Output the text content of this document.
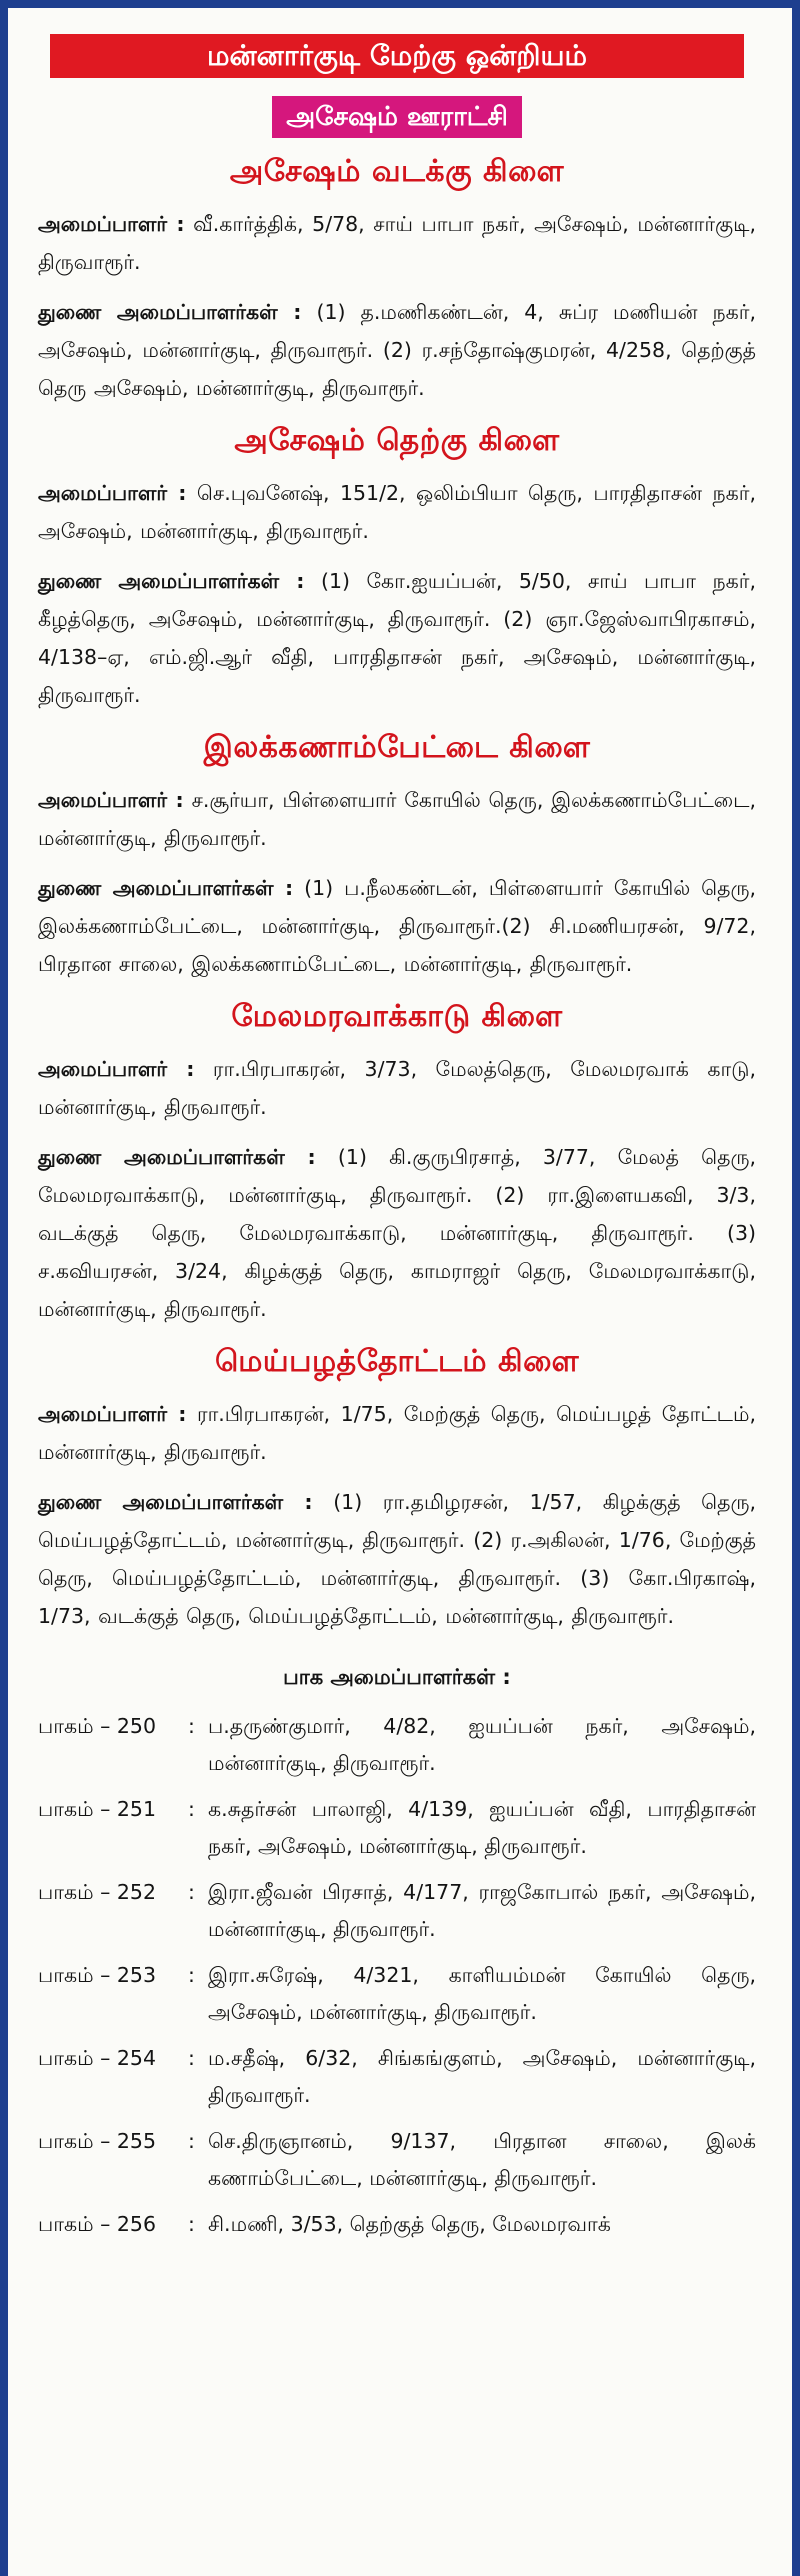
மன்னார்குடி மேற்கு ஒன்றியம்
அசேஷம் ஊராட்சி
அசேஷம் வடக்கு கிளை

அமைப்பாளர் : வீ.கார்த்திக், 5/78, சாய் பாபா நகர், அசேஷம், மன்னார்குடி, திருவாரூர்.

துணை அமைப்பாளர்கள் : (1) த.மணிகண்டன், 4, சுப்ர மணியன் நகர், அசேஷம், மன்னார்குடி, திருவாரூர். (2) ர.சந்தோஷ்குமரன், 4/258, தெற்குத் தெரு அசேஷம், மன்னார்குடி, திருவாரூர்.

அசேஷம் தெற்கு கிளை

அமைப்பாளர் : செ.புவனேஷ், 151/2, ஒலிம்பியா தெரு, பாரதிதாசன் நகர், அசேஷம், மன்னார்குடி, திருவாரூர்.

துணை அமைப்பாளர்கள் : (1) கோ.ஐயப்பன், 5/50, சாய் பாபா நகர், கீழத்தெரு, அசேஷம், மன்னார்குடி, திருவாரூர். (2) ஞா.ஜேஸ்வாபிரகாசம், 4/138–ஏ, எம்.ஜி.ஆர் வீதி, பாரதிதாசன் நகர், அசேஷம், மன்னார்குடி, திருவாரூர்.

இலக்கணாம்பேட்டை கிளை

அமைப்பாளர் : ச.சூர்யா, பிள்ளையார் கோயில் தெரு, இலக்கணாம்பேட்டை, மன்னார்குடி, திருவாரூர்.

துணை அமைப்பாளர்கள் : (1) ப.நீலகண்டன், பிள்ளையார் கோயில் தெரு, இலக்கணாம்பேட்டை, மன்னார்குடி, திருவாரூர்.(2) சி.மணியரசன், 9/72, பிரதான சாலை, இலக்கணாம்பேட்டை, மன்னார்குடி, திருவாரூர்.

மேலமரவாக்காடு கிளை

அமைப்பாளர் : ரா.பிரபாகரன், 3/73, மேலத்தெரு, மேலமரவாக் காடு, மன்னார்குடி, திருவாரூர்.

துணை அமைப்பாளர்கள் : (1) கி.குருபிரசாத், 3/77, மேலத் தெரு, மேலமரவாக்காடு, மன்னார்குடி, திருவாரூர். (2) ரா.இளையகவி, 3/3, வடக்குத் தெரு, மேலமரவாக்காடு, மன்னார்குடி, திருவாரூர். (3) ச.கவியரசன், 3/24, கிழக்குத் தெரு, காமராஜர் தெரு, மேலமரவாக்காடு, மன்னார்குடி, திருவாரூர்.

மெய்பழத்தோட்டம் கிளை

அமைப்பாளர் : ரா.பிரபாகரன், 1/75, மேற்குத் தெரு, மெய்பழத் தோட்டம், மன்னார்குடி, திருவாரூர்.

துணை அமைப்பாளர்கள் : (1) ரா.தமிழரசன், 1/57, கிழக்குத் தெரு, மெய்பழத்தோட்டம், மன்னார்குடி, திருவாரூர். (2) ர.அகிலன், 1/76, மேற்குத் தெரு, மெய்பழத்தோட்டம், மன்னார்குடி, திருவாரூர். (3) கோ.பிரகாஷ், 1/73, வடக்குத் தெரு, மெய்பழத்தோட்டம், மன்னார்குடி, திருவாரூர்.

பாக அமைப்பாளர்கள் :
பாகம் – 250	: ப.தருண்குமார், 4/82, ஐயப்பன் நகர், அசேஷம், மன்னார்குடி, திருவாரூர்.
பாகம் – 251	: க.சுதர்சன் பாலாஜி, 4/139, ஐயப்பன் வீதி, பாரதிதாசன் நகர், அசேஷம், மன்னார்குடி, திருவாரூர்.
பாகம் – 252	: இரா.ஜீவன் பிரசாத், 4/177, ராஜகோபால் நகர், அசேஷம், மன்னார்குடி, திருவாரூர்.
பாகம் – 253	: இரா.சுரேஷ், 4/321, காளியம்மன் கோயில் தெரு, அசேஷம், மன்னார்குடி, திருவாரூர்.
பாகம் – 254	: ம.சதீஷ், 6/32, சிங்கங்குளம், அசேஷம், மன்னார்குடி, திருவாரூர்.
பாகம் – 255	: செ.திருஞானம், 9/137, பிரதான சாலை, இலக் கணாம்பேட்டை, மன்னார்குடி, திருவாரூர்.
பாகம் – 256	: சி.மணி, 3/53, தெற்குத் தெரு, மேலமரவாக்
